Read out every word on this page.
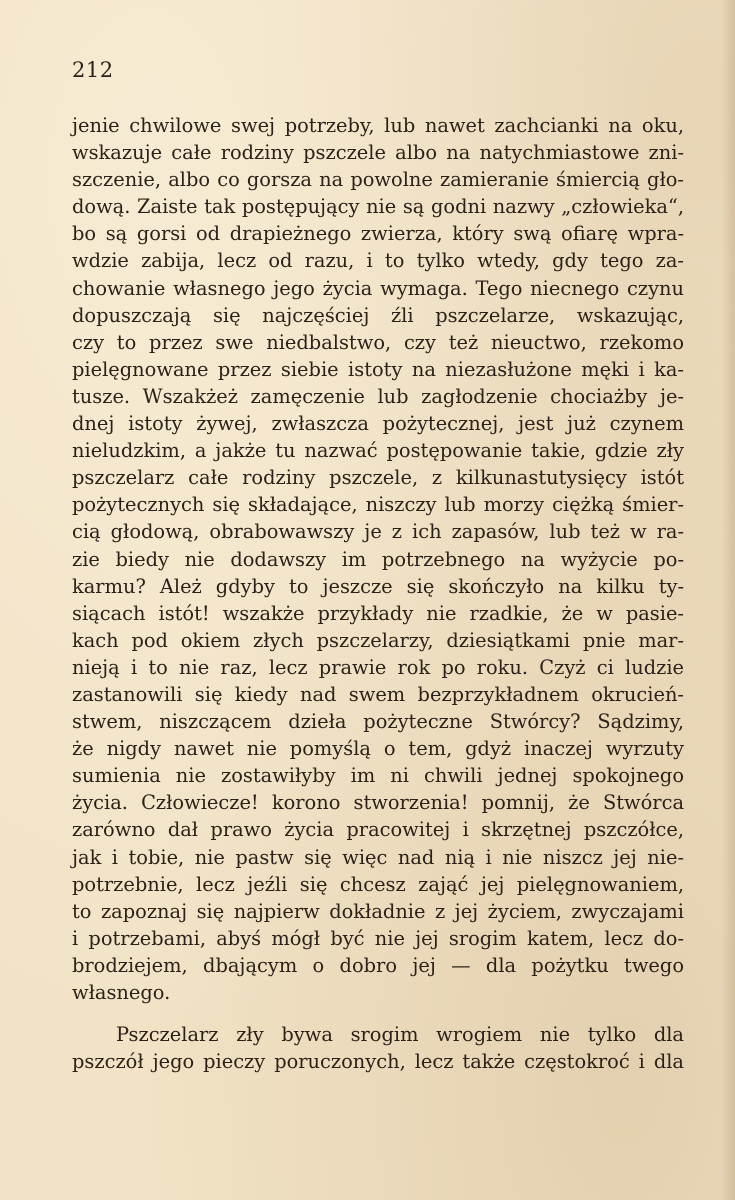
212
jenie chwilowe swej potrzeby, lub nawet zachcianki na oku,
wskazuje całe rodziny pszczele albo na natychmiastowe zni-
szczenie, albo co gorsza na powolne zamieranie śmiercią gło-
dową. Zaiste tak postępujący nie są godni nazwy „człowieka“,
bo są gorsi od drapieżnego zwierza, który swą ofiarę wpra-
wdzie zabija, lecz od razu, i to tylko wtedy, gdy tego za-
chowanie własnego jego życia wymaga. Tego niecnego czynu
dopuszczają się najczęściej źli pszczelarze, wskazując,
czy to przez swe niedbalstwo, czy też nieuctwo, rzekomo
pielęgnowane przez siebie istoty na niezasłużone męki i ka-
tusze. Wszakżeż zamęczenie lub zagłodzenie chociażby je-
dnej istoty żywej, zwłaszcza pożytecznej, jest już czynem
nieludzkim, a jakże tu nazwać postępowanie takie, gdzie zły
pszczelarz całe rodziny pszczele, z kilkunastutysięcy istót
pożytecznych się składające, niszczy lub morzy ciężką śmier-
cią głodową, obrabowawszy je z ich zapasów, lub też w ra-
zie biedy nie dodawszy im potrzebnego na wyżycie po-
karmu? Ależ gdyby to jeszcze się skończyło na kilku ty-
siącach istót! wszakże przykłady nie rzadkie, że w pasie-
kach pod okiem złych pszczelarzy, dziesiątkami pnie mar-
nieją i to nie raz, lecz prawie rok po roku. Czyż ci ludzie
zastanowili się kiedy nad swem bezprzykładnem okrucień-
stwem, niszczącem dzieła pożyteczne Stwórcy? Sądzimy,
że nigdy nawet nie pomyślą o tem, gdyż inaczej wyrzuty
sumienia nie zostawiłyby im ni chwili jednej spokojnego
życia. Człowiecze! korono stworzenia! pomnij, że Stwórca
zarówno dał prawo życia pracowitej i skrzętnej pszczółce,
jak i tobie, nie pastw się więc nad nią i nie niszcz jej nie-
potrzebnie, lecz jeźli się chcesz zająć jej pielęgnowaniem,
to zapoznaj się najpierw dokładnie z jej życiem, zwyczajami
i potrzebami, abyś mógł być nie jej srogim katem, lecz do-
brodziejem, dbającym o dobro jej — dla pożytku twego
własnego.
Pszczelarz zły bywa srogim wrogiem nie tylko dla
pszczół jego pieczy poruczonych, lecz także częstokroć i dla
